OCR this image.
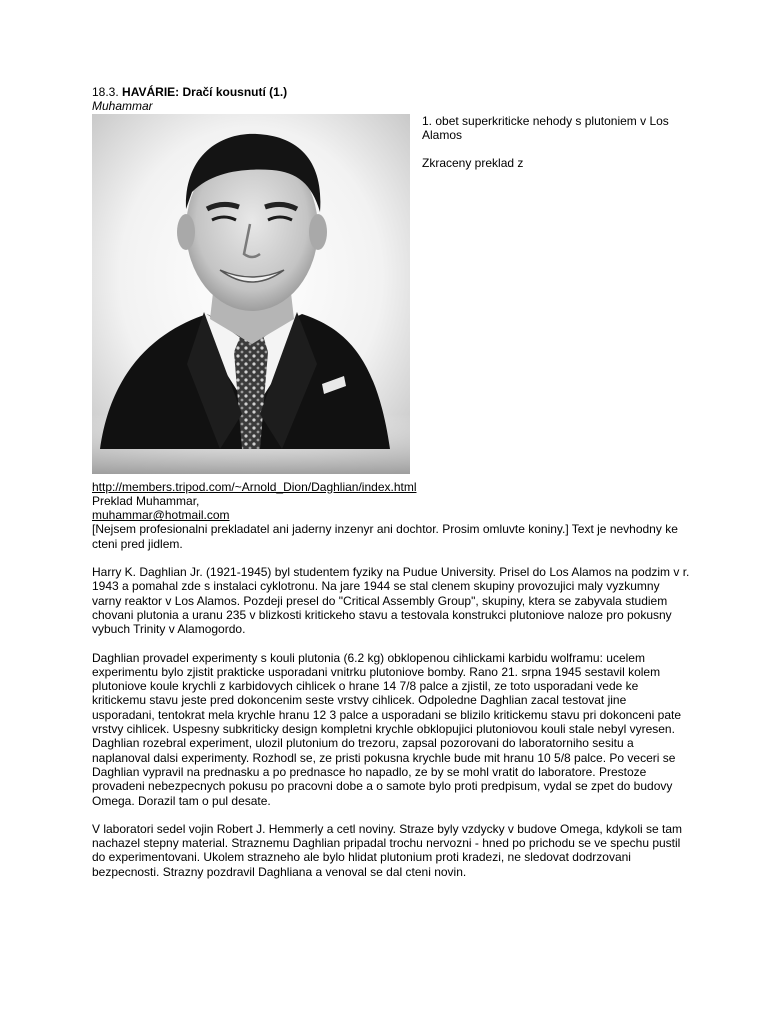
18.3. HAVÁRIE: Dračí kousnutí (1.)
Muhammar

1. obet superkriticke nehody s plutoniem v Los Alamos

Zkraceny preklad z

http://members.tripod.com/~Arnold_Dion/Daghlian/index.html

Preklad Muhammar,

muhammar@hotmail.com

[Nejsem profesionalni prekladatel ani jaderny inzenyr ani dochtor. Prosim omluvte koniny.] Text je nevhodny ke cteni pred jidlem.

Harry K. Daghlian Jr. (1921-1945) byl studentem fyziky na Pudue University. Prisel do Los Alamos na podzim v r. 1943 a pomahal zde s instalaci cyklotronu. Na jare 1944 se stal clenem skupiny provozujici maly vyzkumny varny reaktor v Los Alamos. Pozdeji presel do "Critical Assembly Group", skupiny, ktera se zabyvala studiem chovani plutonia a uranu 235 v blizkosti kritickeho stavu a testovala konstrukci plutoniove naloze pro pokusny vybuch Trinity v Alamogordo.

Daghlian provadel experimenty s kouli plutonia (6.2 kg) obklopenou cihlickami karbidu wolframu: ucelem experimentu bylo zjistit prakticke usporadani vnitrku plutoniove bomby. Rano 21. srpna 1945 sestavil kolem plutoniove koule krychli z karbidovych cihlicek o hrane 14 7/8 palce a zjistil, ze toto usporadani vede ke kritickemu stavu jeste pred dokoncenim seste vrstvy cihlicek. Odpoledne Daghlian zacal testovat jine usporadani, tentokrat mela krychle hranu 12 3 palce a usporadani se blizilo kritickemu stavu pri dokonceni pate vrstvy cihlicek. Uspesny subkriticky design kompletni krychle obklopujici plutoniovou kouli stale nebyl vyresen. Daghlian rozebral experiment, ulozil plutonium do trezoru, zapsal pozorovani do laboratorniho sesitu a naplanoval dalsi experimenty. Rozhodl se, ze pristi pokusna krychle bude mit hranu 10 5/8 palce. Po veceri se Daghlian vypravil na prednasku a po prednasce ho napadlo, ze by se mohl vratit do laboratore. Prestoze provadeni nebezpecnych pokusu po pracovni dobe a o samote bylo proti predpisum, vydal se zpet do budovy Omega. Dorazil tam o pul desate.

V laboratori sedel vojin Robert J. Hemmerly a cetl noviny. Straze byly vzdycky v budove Omega, kdykoli se tam nachazel stepny material. Straznemu Daghlian pripadal trochu nervozni - hned po prichodu se ve spechu pustil do experimentovani. Ukolem strazneho ale bylo hlidat plutonium proti kradezi, ne sledovat dodrzovani bezpecnosti. Strazny pozdravil Daghliana a venoval se dal cteni novin.
